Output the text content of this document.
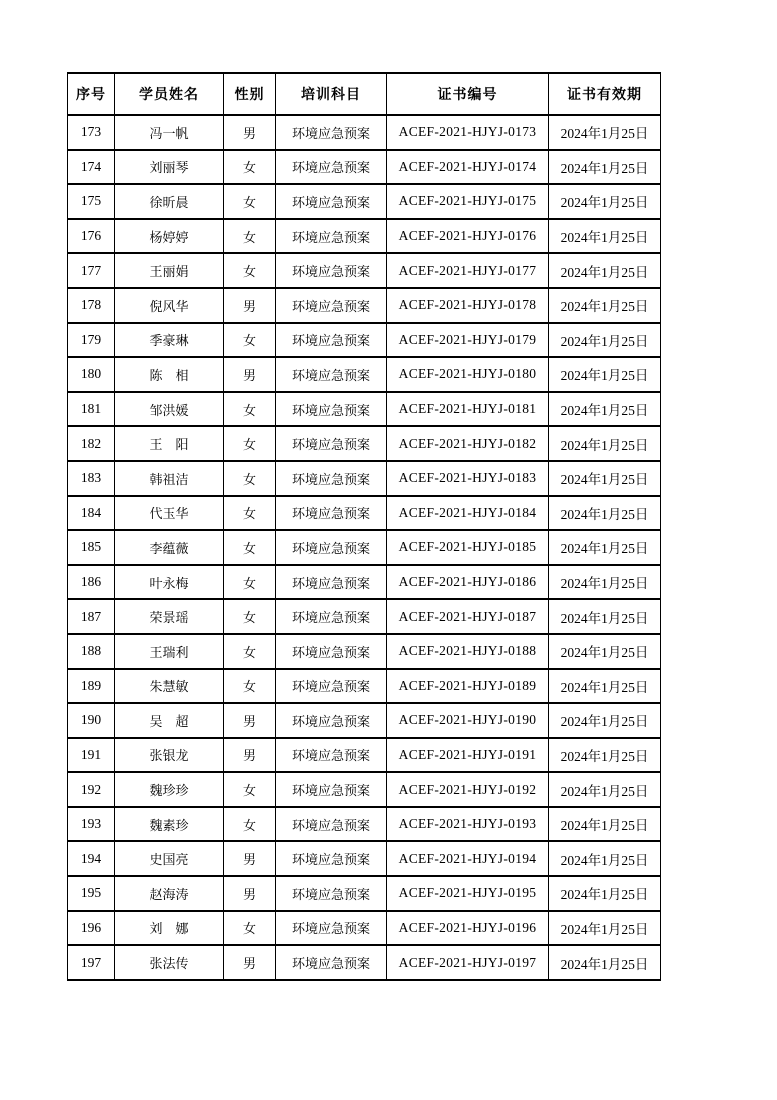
序号	学员姓名	性别	培训科目	证书编号	证书有效期
173	冯一帆	男	环境应急预案	ACEF-2021-HJYJ-0173	2024年1月25日
174	刘丽琴	女	环境应急预案	ACEF-2021-HJYJ-0174	2024年1月25日
175	徐昕晨	女	环境应急预案	ACEF-2021-HJYJ-0175	2024年1月25日
176	杨婷婷	女	环境应急预案	ACEF-2021-HJYJ-0176	2024年1月25日
177	王丽娟	女	环境应急预案	ACEF-2021-HJYJ-0177	2024年1月25日
178	倪风华	男	环境应急预案	ACEF-2021-HJYJ-0178	2024年1月25日
179	季豪琳	女	环境应急预案	ACEF-2021-HJYJ-0179	2024年1月25日
180	陈　相	男	环境应急预案	ACEF-2021-HJYJ-0180	2024年1月25日
181	邹洪媛	女	环境应急预案	ACEF-2021-HJYJ-0181	2024年1月25日
182	王　阳	女	环境应急预案	ACEF-2021-HJYJ-0182	2024年1月25日
183	韩祖洁	女	环境应急预案	ACEF-2021-HJYJ-0183	2024年1月25日
184	代玉华	女	环境应急预案	ACEF-2021-HJYJ-0184	2024年1月25日
185	李蕴薇	女	环境应急预案	ACEF-2021-HJYJ-0185	2024年1月25日
186	叶永梅	女	环境应急预案	ACEF-2021-HJYJ-0186	2024年1月25日
187	荣景瑶	女	环境应急预案	ACEF-2021-HJYJ-0187	2024年1月25日
188	王瑞利	女	环境应急预案	ACEF-2021-HJYJ-0188	2024年1月25日
189	朱慧敏	女	环境应急预案	ACEF-2021-HJYJ-0189	2024年1月25日
190	吴　超	男	环境应急预案	ACEF-2021-HJYJ-0190	2024年1月25日
191	张银龙	男	环境应急预案	ACEF-2021-HJYJ-0191	2024年1月25日
192	魏珍珍	女	环境应急预案	ACEF-2021-HJYJ-0192	2024年1月25日
193	魏素珍	女	环境应急预案	ACEF-2021-HJYJ-0193	2024年1月25日
194	史国亮	男	环境应急预案	ACEF-2021-HJYJ-0194	2024年1月25日
195	赵海涛	男	环境应急预案	ACEF-2021-HJYJ-0195	2024年1月25日
196	刘　娜	女	环境应急预案	ACEF-2021-HJYJ-0196	2024年1月25日
197	张法传	男	环境应急预案	ACEF-2021-HJYJ-0197	2024年1月25日
